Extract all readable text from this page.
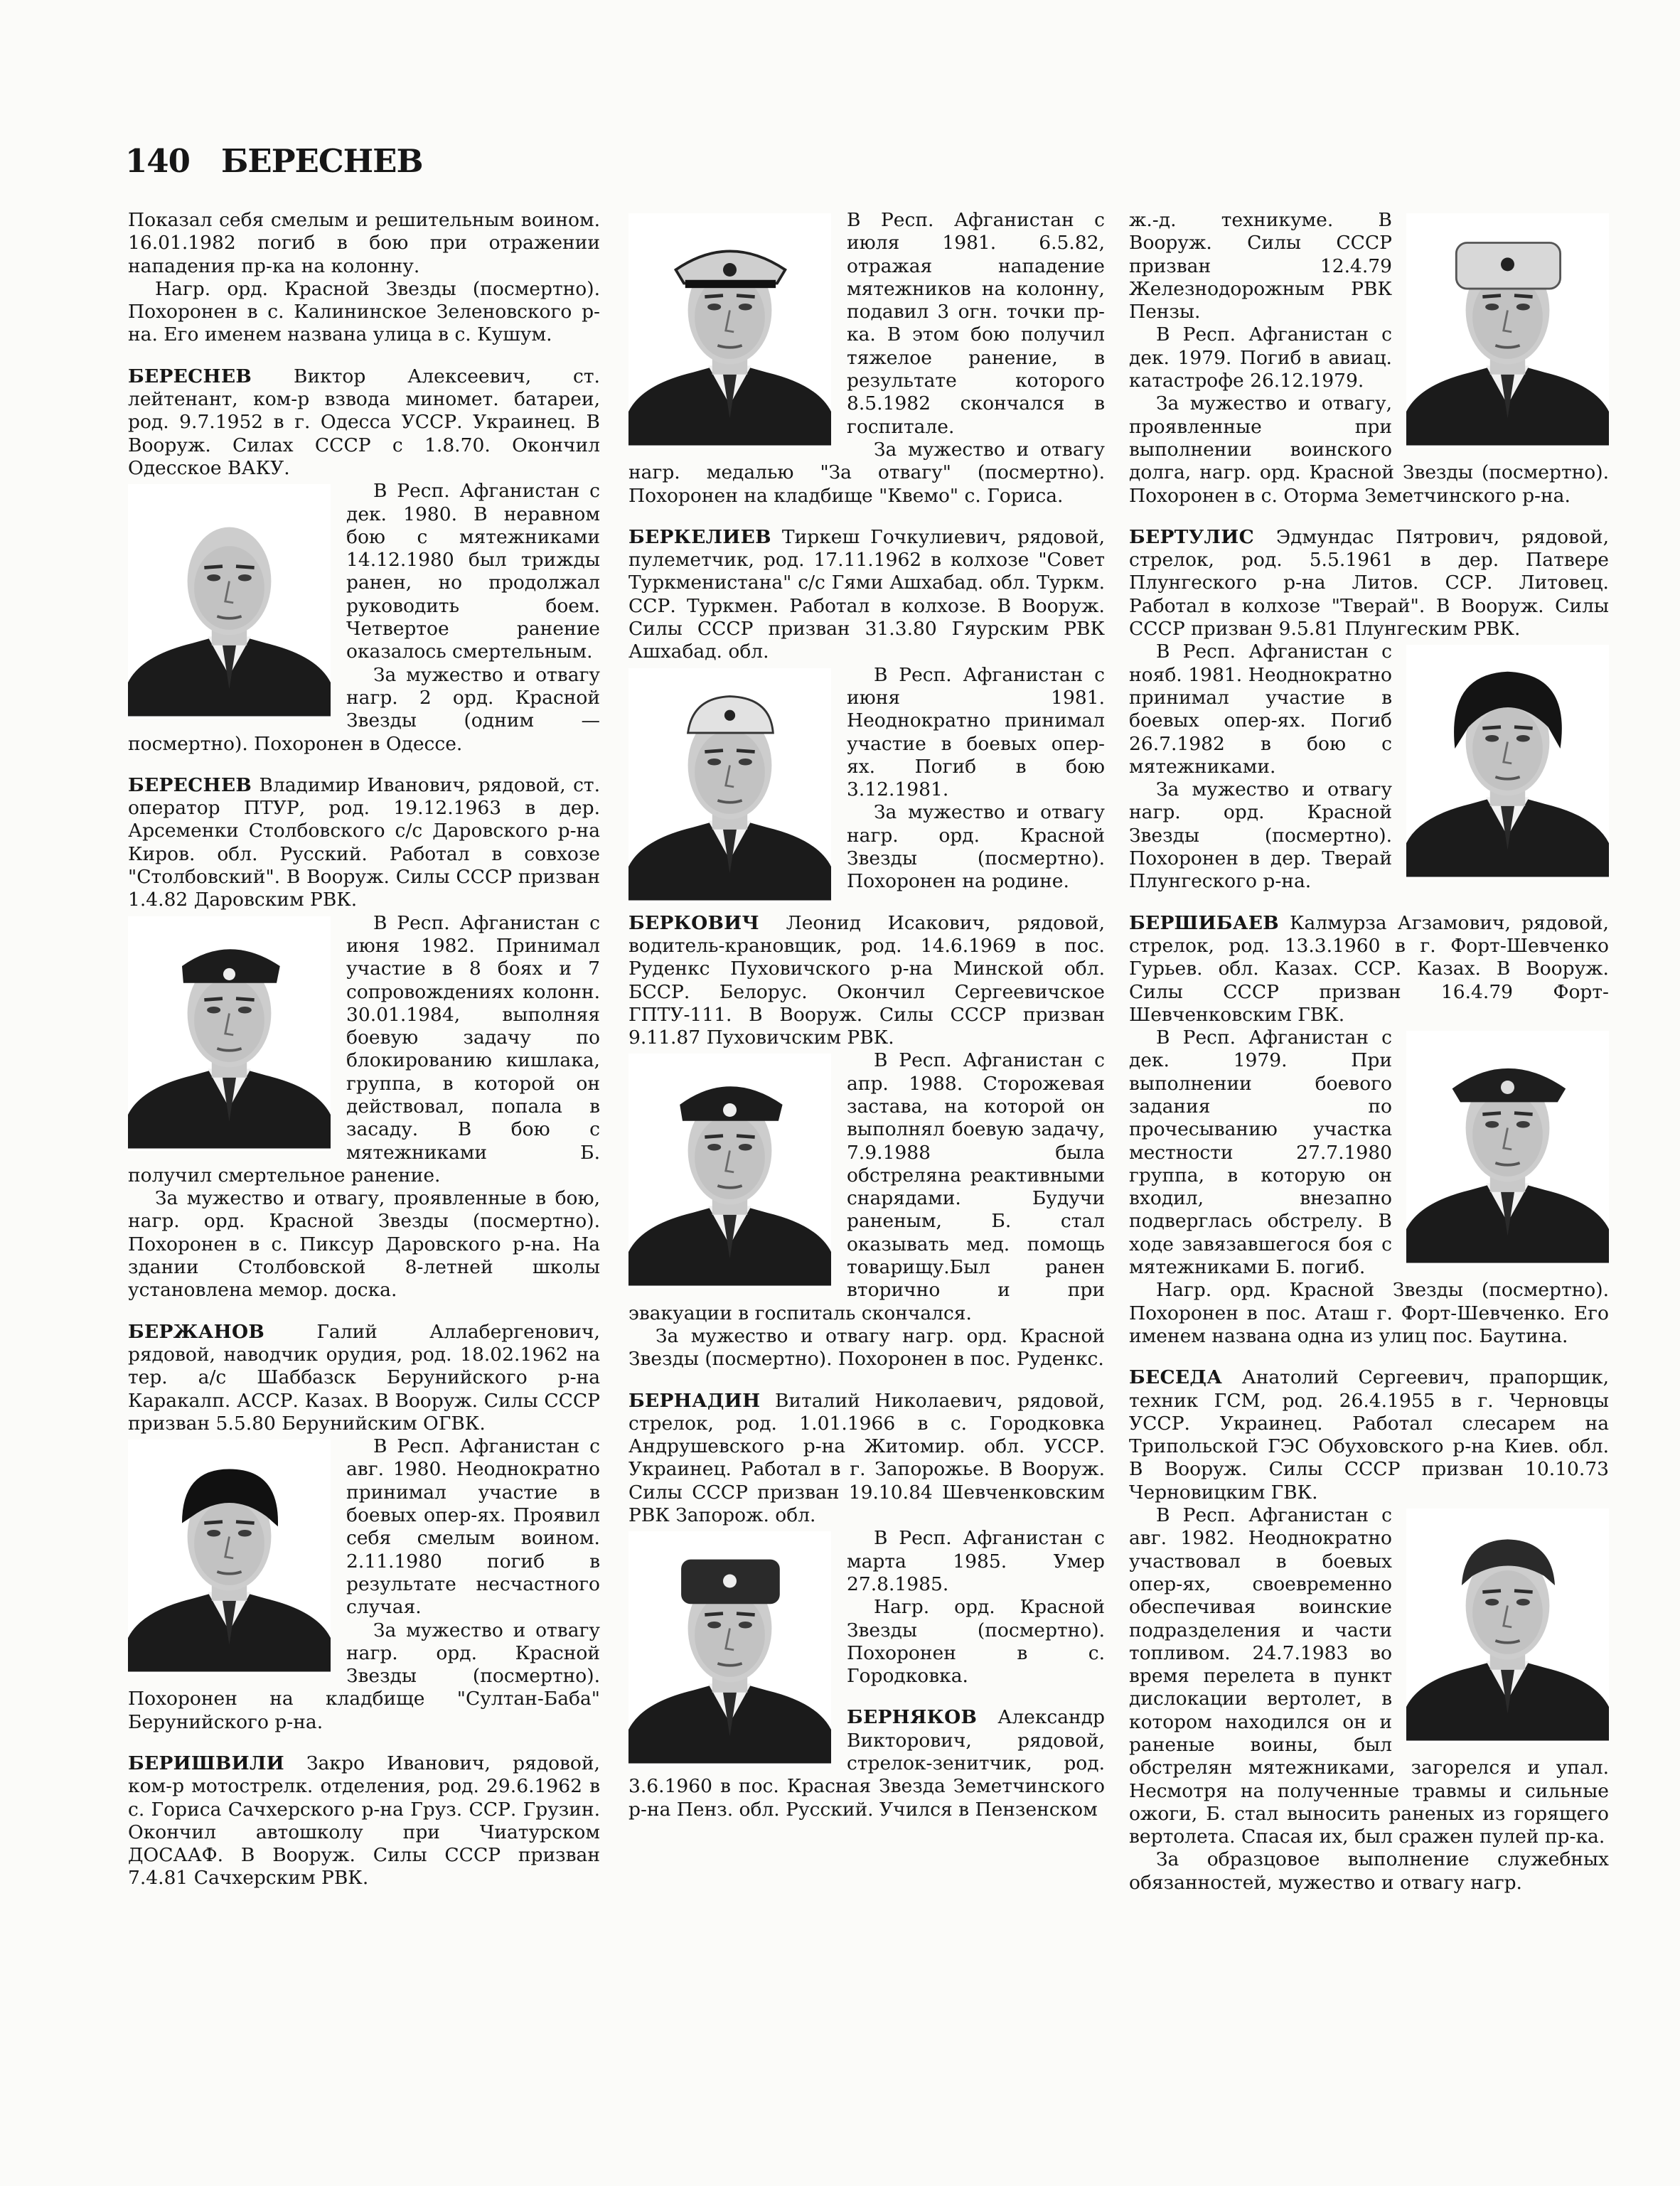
140 БЕРЕСНЕВ

Показал себя смелым и решительным воином. 16.01.1982 погиб в бою при отражении нападения пр-ка на колонну.

Нагр. орд. Красной Звезды (посмертно). Похоронен в с. Калининское Зеленовского р-на. Его именем названа улица в с. Кушум.

БЕРЕСНЕВ Виктор Алексеевич, ст. лейтенант, ком-р взвода миномет. батареи, род. 9.7.1952 в г. Одесса УССР. Украинец. В Вооруж. Силах СССР с 1.8.70. Окончил Одесское ВАКУ.

В Респ. Афганистан с дек. 1980. В неравном бою с мятежниками 14.12.1980 был трижды ранен, но продолжал руководить боем. Четвертое ранение оказалось смертельным.

За мужество и отвагу нагр. 2 орд. Красной Звезды (одним — посмертно). Похоронен в Одессе.

БЕРЕСНЕВ Владимир Иванович, рядовой, ст. оператор ПТУР, род. 19.12.1963 в дер. Арсеменки Столбовского с/с Даровского р-на Киров. обл. Русский. Работал в совхозе "Столбовский". В Вооруж. Силы СССР призван 1.4.82 Даровским РВК.

В Респ. Афганистан с июня 1982. Принимал участие в 8 боях и 7 сопровождениях колонн. 30.01.1984, выполняя боевую задачу по блокированию кишлака, группа, в которой он действовал, попала в засаду. В бою с мятежниками Б. получил смертельное ранение.

За мужество и отвагу, проявленные в бою, нагр. орд. Красной Звезды (посмертно). Похоронен в с. Пиксур Даровского р-на. На здании Столбовской 8-летней школы установлена мемор. доска.

БЕРЖАНОВ	Галий Аллабергенович, рядовой, наводчик орудия, род. 18.02.1962 на тер. а/с Шаббазск Берунийского р-на Каракалп. АССР. Казах. В Вооруж. Силы СССР призван 5.5.80 Берунийским ОГВК.

В Респ. Афганистан с авг. 1980. Неоднократно принимал участие в боевых опер-ях. Проявил себя смелым воином. 2.11.1980 погиб в результате несчастного случая.

За мужество и отвагу нагр. орд. Красной Звезды (посмертно). Похоронен на кладбище "Султан-Баба" Берунийского р-на.

БЕРИШВИЛИ Закро Иванович, рядовой, ком-р мотострелк. отделения, род. 29.6.1962 в с. Горисa Сачхерского р-на Груз. ССР. Грузин. Окончил автошколу при Чиатурском ДОСААФ. В Вооруж. Силы СССР призван 7.4.81 Сачхерским РВК.

В Респ. Афганистан с июля 1981. 6.5.82, отражая нападение мятежников на колонну, подавил 3 огн. точки пр-ка. В этом бою получил тяжелое ранение, в результате которого 8.5.1982 скончался в госпитале.

За мужество и отвагу нагр. медалью "За отвагу" (посмертно). Похоронен на кладбище "Квемо" с. Гориса.

БЕРКЕЛИЕВ Тиркеш Гочкулиевич, рядовой, пулеметчик, род. 17.11.1962 в колхозе "Совет Туркменистана" с/с Гями Ашхабад. обл. Туркм. ССР. Туркмен. Работал в колхозе. В Вооруж. Силы СССР призван 31.3.80 Гяурским РВК Ашхабад. обл.

В Респ. Афганистан с июня 1981. Неоднократно принимал участие в боевых опер-ях. Погиб в бою 3.12.1981.

За мужество и отвагу нагр. орд. Красной Звезды (посмертно). Похоронен на родине.

БЕРКОВИЧ Леонид Исакович, рядовой, водитель-крановщик, род. 14.6.1969 в пос. Руденкс Пуховичского р-на Минской обл. БССР. Белорус. Окончил Сергеевичское ГПТУ-111. В Вооруж. Силы СССР призван 9.11.87 Пуховичским РВК.

В Респ. Афганистан с апр. 1988. Сторожевая застава, на которой он выполнял боевую задачу, 7.9.1988 была обстреляна реактивными снарядами. Будучи раненым, Б. стал оказывать мед. помощь товарищу.Был ранен вторично и при эвакуации в госпиталь скончался.

За мужество и отвагу нагр. орд. Красной Звезды (посмертно). Похоронен в пос. Руденкс.

БЕРНАДИН Виталий Николаевич, рядовой, стрелок, род. 1.01.1966 в с. Городковка Андрушевского р-на Житомир. обл. УССР. Украинец. Работал в г. Запорожье. В Вооруж. Силы СССР призван 19.10.84 Шевченковским РВК Запорож. обл.

В Респ. Афганистан с марта 1985. Умер 27.8.1985.

Нагр. орд. Красной Звезды (посмертно). Похоронен в с. Городковка.

БЕРНЯКОВ Александр Викторович, рядовой, стрелок-зенитчик, род. 3.6.1960 в пос. Красная Звезда Земетчинского р-на Пенз. обл. Русский. Учился в Пензенском

ж.-д. техникуме. В Вооруж. Силы СССР призван 12.4.79 Железнодорожным РВК Пензы.

В Респ. Афганистан с дек. 1979. Погиб в авиац. катастрофе 26.12.1979.

За мужество и отвагу, проявленные при выполнении воинского долга, нагр. орд. Красной Звезды (посмертно). Похоронен в с. Оторма Земетчинского р-на.

БЕРТУЛИС Эдмундас Пятрович, рядовой, стрелок, род. 5.5.1961 в дер. Патвере Плунгеского р-на Литов. ССР. Литовец. Работал в колхозе "Тверай". В Вооруж. Силы СССР призван 9.5.81 Плунгеским РВК.

В Респ. Афганистан с нояб. 1981. Неоднократно принимал участие в боевых опер-ях. Погиб 26.7.1982 в бою с мятежниками.

За мужество и отвагу нагр. орд. Красной Звезды (посмертно). Похоронен в дер. Тверай Плунгеского р-на.

БЕРШИБАЕВ Калмурза Агзамович, рядовой, стрелок, род. 13.3.1960 в г. Форт-Шевченко Гурьев. обл. Казах. ССР. Казах. В Вооруж. Силы СССР призван 16.4.79 Форт-Шевченковским ГВК.

В Респ. Афганистан с дек. 1979. При выполнении боевого задания по прочесыванию участка местности 27.7.1980 группа, в которую он входил, внезапно подверглась обстрелу. В ходе завязавшегося боя с мятежниками Б. погиб.

Нагр. орд. Красной Звезды (посмертно). Похоронен в пос. Аташ г. Форт-Шевченко. Его именем названа одна из улиц пос. Баутина.

БЕСЕДА Анатолий Сергеевич, прапорщик, техник ГСМ, род. 26.4.1955 в г. Черновцы УССР. Украинец. Работал слесарем на Трипольской ГЭС Обуховского р-на Киев. обл. В Вооруж. Силы СССР призван 10.10.73 Черновицким ГВК.

В Респ. Афганистан с авг. 1982. Неоднократно участвовал в боевых опер-ях, своевременно обеспечивая воинские подразделения и части топливом. 24.7.1983 во время перелета в пункт дислокации вертолет, в котором находился он и раненые воины, был обстрелян мятежниками, загорелся и упал. Несмотря на полученные травмы и сильные ожоги, Б. стал выносить раненых из горящего вертолета. Спасая их, был сражен пулей пр-ка.

За образцовое выполнение служебных обязанностей, мужество и отвагу нагр.
